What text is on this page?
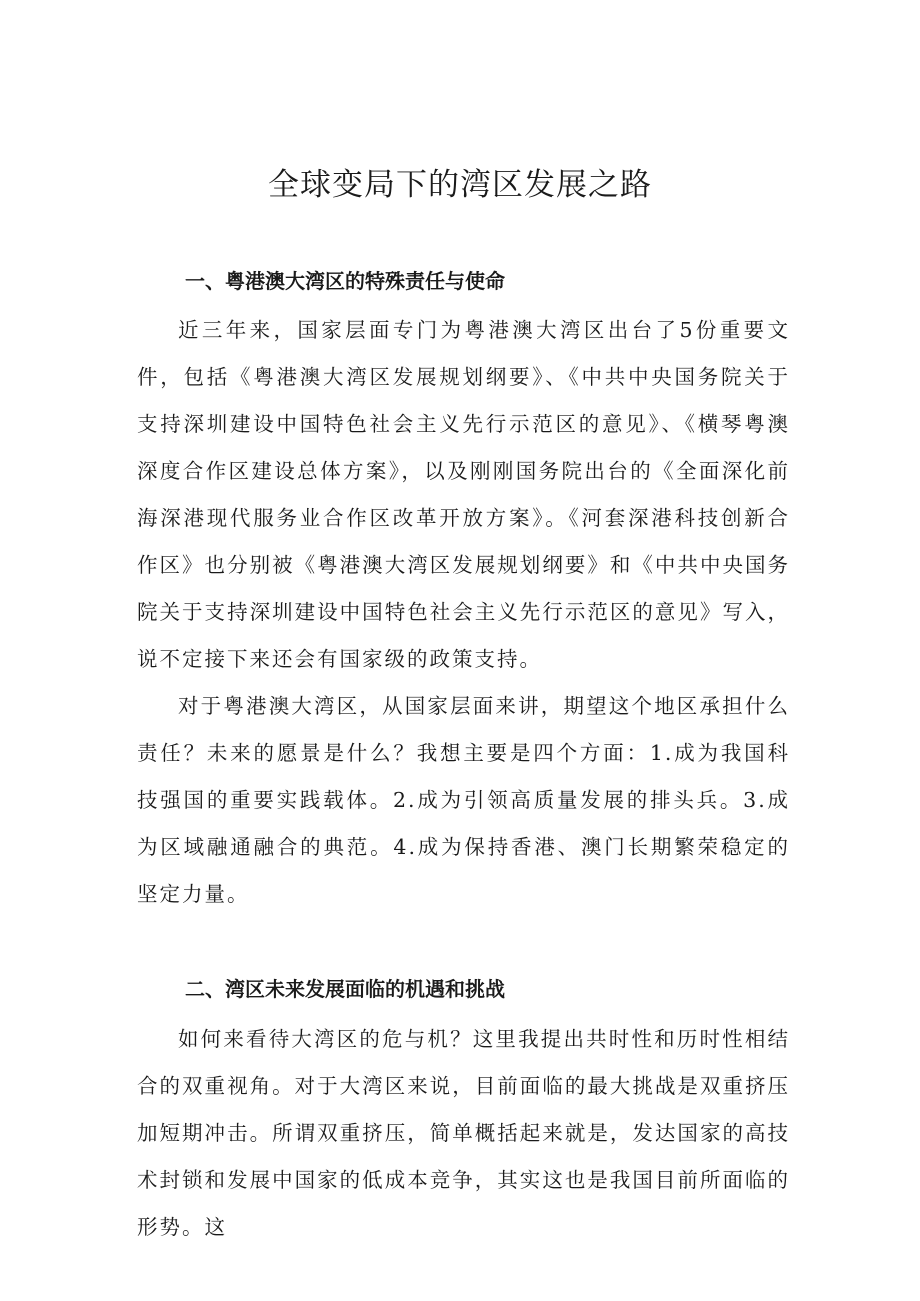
全球变局下的湾区发展之路
一、粤港澳大湾区的特殊责任与使命

近三年来，国家层面专门为粤港澳大湾区出台了5份重要文件，包括《粤港澳大湾区发展规划纲要》、《中共中央国务院关于支持深圳建设中国特色社会主义先行示范区的意见》、《横琴粤澳深度合作区建设总体方案》，以及刚刚国务院出台的《全面深化前海深港现代服务业合作区改革开放方案》。《河套深港科技创新合作区》也分别被《粤港澳大湾区发展规划纲要》和《中共中央国务院关于支持深圳建设中国特色社会主义先行示范区的意见》写入，说不定接下来还会有国家级的政策支持。

对于粤港澳大湾区，从国家层面来讲，期望这个地区承担什么责任？未来的愿景是什么？我想主要是四个方面：1.成为我国科技强国的重要实践载体。2.成为引领高质量发展的排头兵。3.成为区域融通融合的典范。4.成为保持香港、澳门长期繁荣稳定的坚定力量。

二、湾区未来发展面临的机遇和挑战

如何来看待大湾区的危与机？这里我提出共时性和历时性相结合的双重视角。对于大湾区来说，目前面临的最大挑战是双重挤压加短期冲击。所谓双重挤压，简单概括起来就是，发达国家的高技术封锁和发展中国家的低成本竞争，其实这也是我国目前所面临的形势。这
